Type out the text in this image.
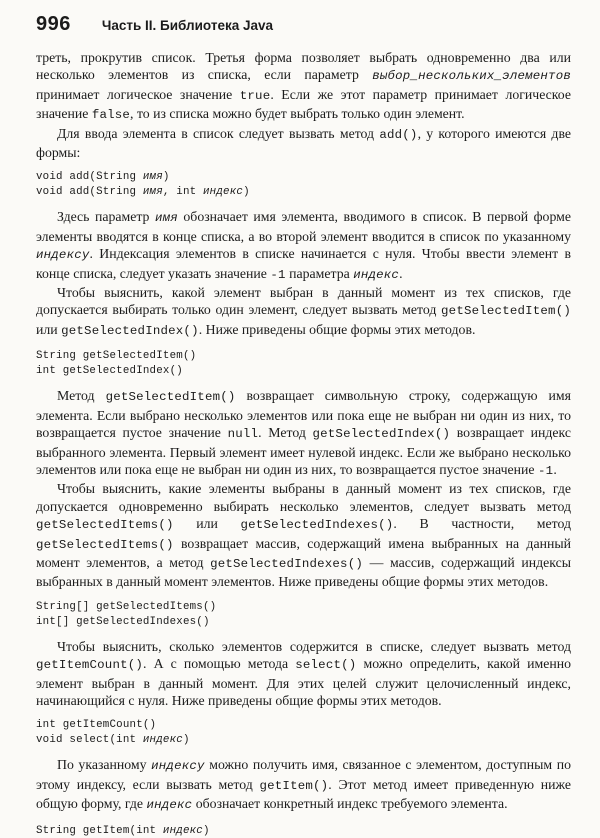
996 Часть II. Библиотека Java

треть, прокрутив список. Третья форма позволяет выбрать одновременно два или несколько элементов из списка, если параметр выбор_нескольких_элементов принимает логическое значение true. Если же этот параметр принимает логическое значение false, то из списка можно будет выбрать только один элемент.

Для ввода элемента в список следует вызвать метод add(), у которого имеются две формы:

void add(String имя)
void add(String имя, int индекс)

Здесь параметр имя обозначает имя элемента, вводимого в список. В первой форме элементы вводятся в конце списка, а во второй элемент вводится в список по указанному индексу. Индексация элементов в списке начинается с нуля. Чтобы ввести элемент в конце списка, следует указать значение -1 параметра индекс.

Чтобы выяснить, какой элемент выбран в данный момент из тех списков, где допускается выбирать только один элемент, следует вызвать метод getSelectedItem() или getSelectedIndex(). Ниже приведены общие формы этих методов.

String getSelectedItem()
int getSelectedIndex()

Метод getSelectedItem() возвращает символьную строку, содержащую имя элемента. Если выбрано несколько элементов или пока еще не выбран ни один из них, то возвращается пустое значение null. Метод getSelectedIndex() возвращает индекс выбранного элемента. Первый элемент имеет нулевой индекс. Если же выбрано несколько элементов или пока еще не выбран ни один из них, то возвращается пустое значение -1.

Чтобы выяснить, какие элементы выбраны в данный момент из тех списков, где допускается одновременно выбирать несколько элементов, следует вызвать метод getSelectedItems() или getSelectedIndexes(). В частности, метод getSelectedItems() возвращает массив, содержащий имена выбранных на данный момент элементов, а метод getSelectedIndexes() — массив, содержащий индексы выбранных в данный момент элементов. Ниже приведены общие формы этих методов.

String[] getSelectedItems()
int[] getSelectedIndexes()

Чтобы выяснить, сколько элементов содержится в списке, следует вызвать метод getItemCount(). А с помощью метода select() можно определить, какой именно элемент выбран в данный момент. Для этих целей служит целочисленный индекс, начинающийся с нуля. Ниже приведены общие формы этих методов.

int getItemCount()
void select(int индекс)

По указанному индексу можно получить имя, связанное с элементом, доступным по этому индексу, если вызвать метод getItem(). Этот метод имеет приведенную ниже общую форму, где индекс обозначает конкретный индекс требуемого элемента.

String getItem(int индекс)
